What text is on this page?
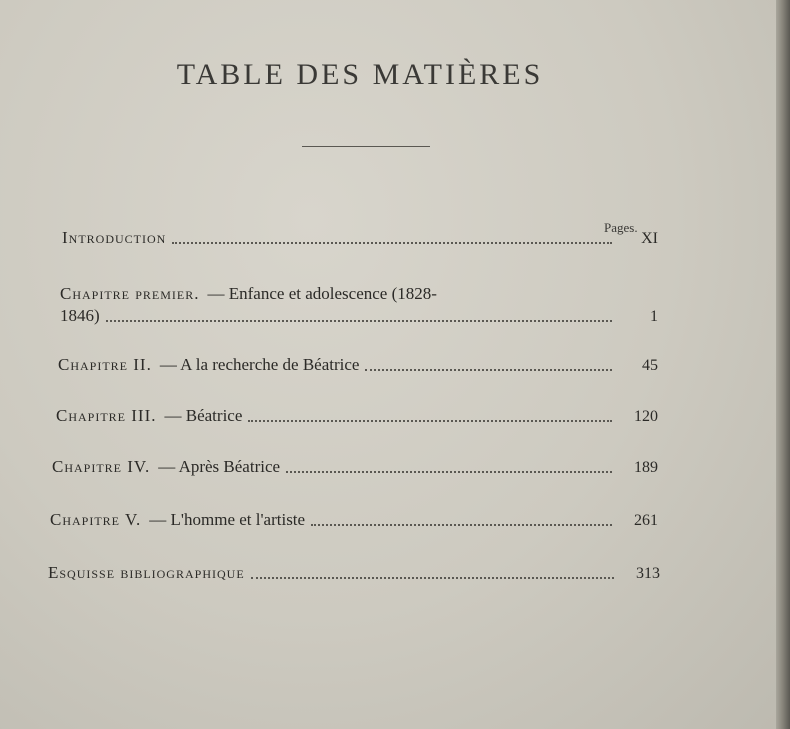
TABLE DES MATIÈRES
Pages.
Introduction	XI
Chapitre premier. — Enfance et adolescence (1828-
1846)	1
Chapitre II. — A la recherche de Béatrice	45
Chapitre III. — Béatrice	120
Chapitre IV. — Après Béatrice	189
Chapitre V. — L'homme et l'artiste	261
Esquisse bibliographique	313
